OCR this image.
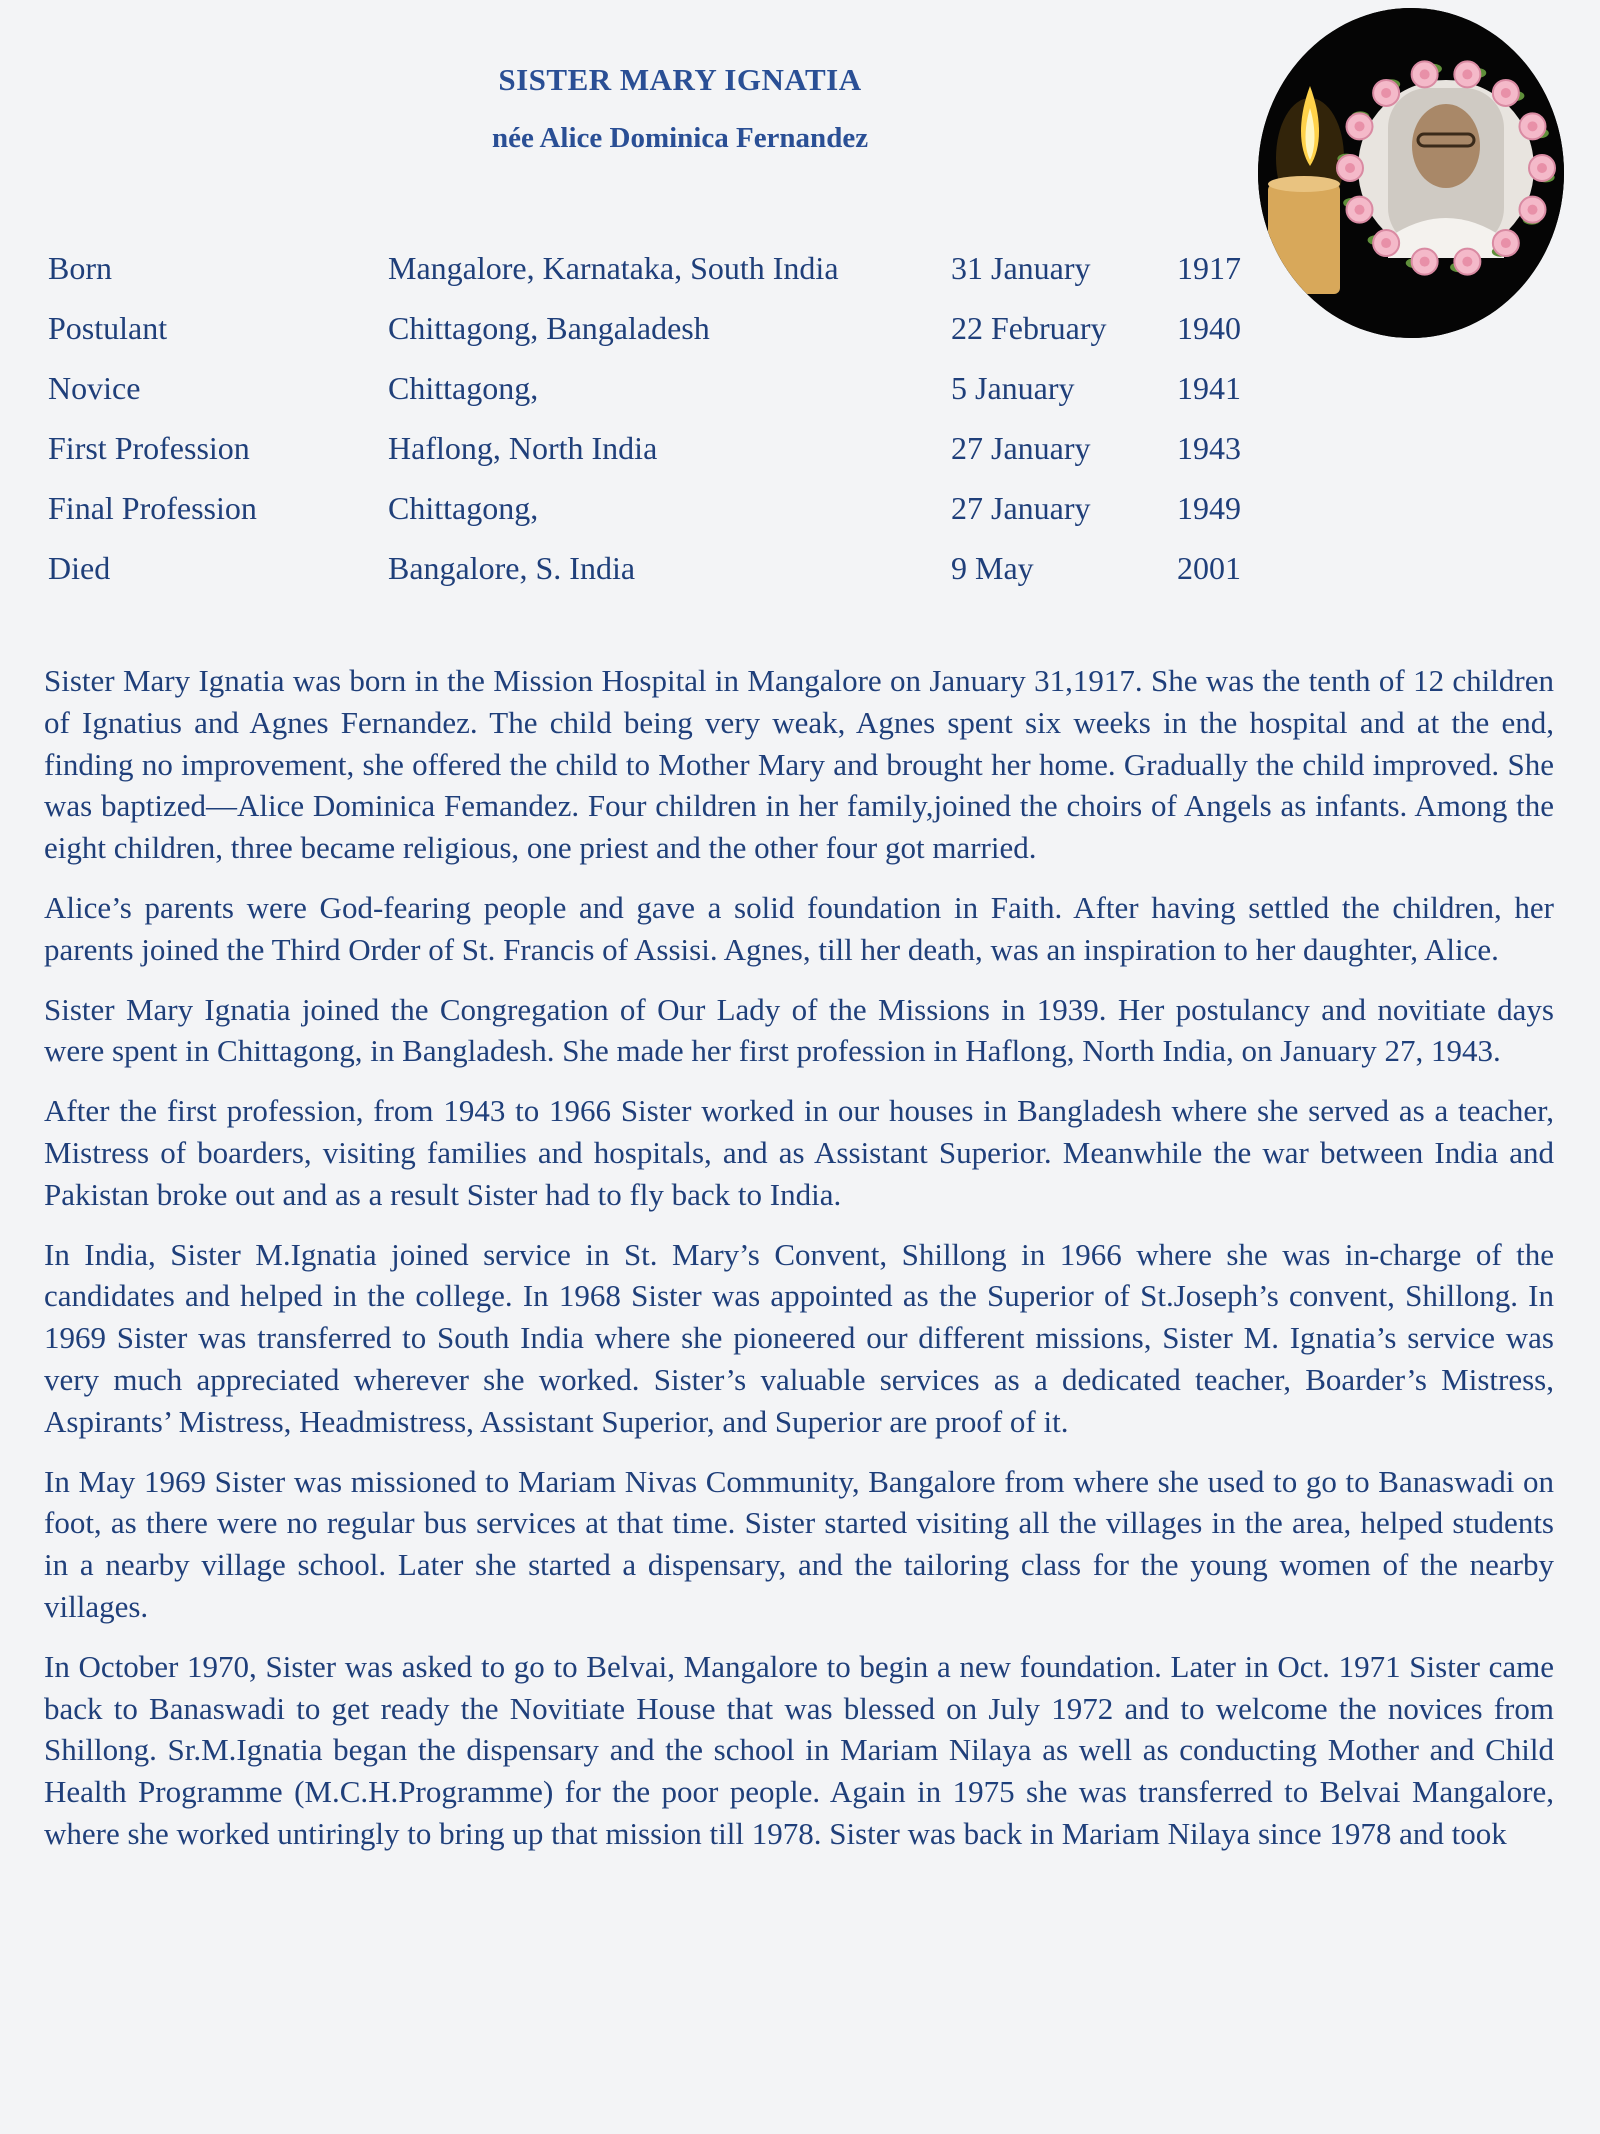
SISTER MARY IGNATIA
née Alice Dominica Fernandez
Born	Mangalore, Karnataka, South India	31 January	1917
Postulant	Chittagong, Bangaladesh	22 February	1940
Novice	Chittagong,	5 January	1941
First Profession	Haflong, North India	27 January	1943
Final Profession	Chittagong,	27 January	1949
Died	Bangalore, S. India	9 May	2001

Sister Mary Ignatia was born in the Mission Hospital in Mangalore on January 31,1917. She was the tenth of 12 children of Ignatius and Agnes Fernandez. The child being very weak, Agnes spent six weeks in the hospital and at the end, finding no improvement, she offered the child to Mother Mary and brought her home. Gradually the child improved. She was baptized—Alice Dominica Femandez. Four children in her family,joined the choirs of Angels as infants. Among the eight children, three became religious, one priest and the other four got married.

Alice’s parents were God-fearing people and gave a solid foundation in Faith. After having settled the children, her parents joined the Third Order of St. Francis of Assisi. Agnes, till her death, was an inspiration to her daughter, Alice.

Sister Mary Ignatia joined the Congregation of Our Lady of the Missions in 1939. Her postulancy and novitiate days were spent in Chittagong, in Bangladesh. She made her first profession in Haflong, North India, on January 27, 1943.

After the first profession, from 1943 to 1966 Sister worked in our houses in Bangladesh where she served as a teacher, Mistress of boarders, visiting families and hospitals, and as Assistant Superior. Meanwhile the war between India and Pakistan broke out and as a result Sister had to fly back to India.

In India, Sister M.Ignatia joined service in St. Mary’s Convent, Shillong in 1966 where she was in-charge of the candidates and helped in the college. In 1968 Sister was appointed as the Superior of St.Joseph’s convent, Shillong. In 1969 Sister was transferred to South India where she pioneered our different missions, Sister M. Ignatia’s service was very much appreciated wherever she worked. Sister’s valuable services as a dedicated teacher, Boarder’s Mistress, Aspirants’ Mistress, Headmistress, Assistant Superior, and Superior are proof of it.

In May 1969 Sister was missioned to Mariam Nivas Community, Bangalore from where she used to go to Banaswadi on foot, as there were no regular bus services at that time. Sister started visiting all the villages in the area, helped students in a nearby village school. Later she started a dispensary, and the tailoring class for the young women of the nearby villages.

In October 1970, Sister was asked to go to Belvai, Mangalore to begin a new foundation. Later in Oct. 1971 Sister came back to Banaswadi to get ready the Novitiate House that was blessed on July 1972 and to welcome the novices from Shillong. Sr.M.Ignatia began the dispensary and the school in Mariam Nilaya as well as conducting Mother and Child Health Programme (M.C.H.Programme) for the poor people. Again in 1975 she was transferred to Belvai Mangalore, where she worked untiringly to bring up that mission till 1978. Sister was back in Mariam Nilaya since 1978 and took
